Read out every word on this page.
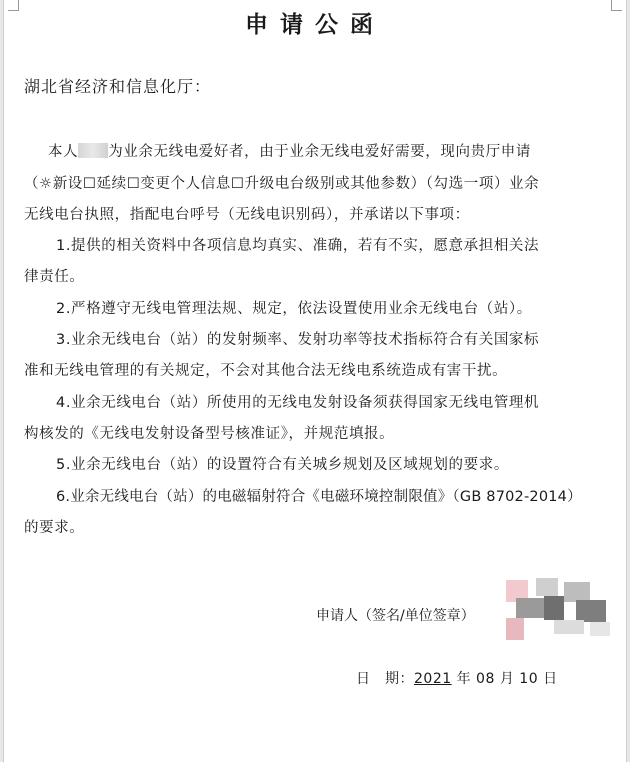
申请公函
湖北省经济和信息化厅：
本人 为业余无线电爱好者，由于业余无线电爱好需要，现向贵厅申请
（☼新设☐延续☐变更个人信息☐升级电台级别或其他参数）（勾选一项）业余
无线电台执照，指配电台呼号（无线电识别码），并承诺以下事项：
1.提供的相关资料中各项信息均真实、准确，若有不实，愿意承担相关法
律责任。
2.严格遵守无线电管理法规、规定，依法设置使用业余无线电台（站）。
3.业余无线电台（站）的发射频率、发射功率等技术指标符合有关国家标
准和无线电管理的有关规定，不会对其他合法无线电系统造成有害干扰。
4.业余无线电台（站）所使用的无线电发射设备须获得国家无线电管理机
构核发的《无线电发射设备型号核准证》，并规范填报。
5.业余无线电台（站）的设置符合有关城乡规划及区域规划的要求。
6.业余无线电台（站）的电磁辐射符合《电磁环境控制限值》（GB 8702-2014）
的要求。
申请人（签名/单位签章）
日　期：2021 年 08 月 10 日
